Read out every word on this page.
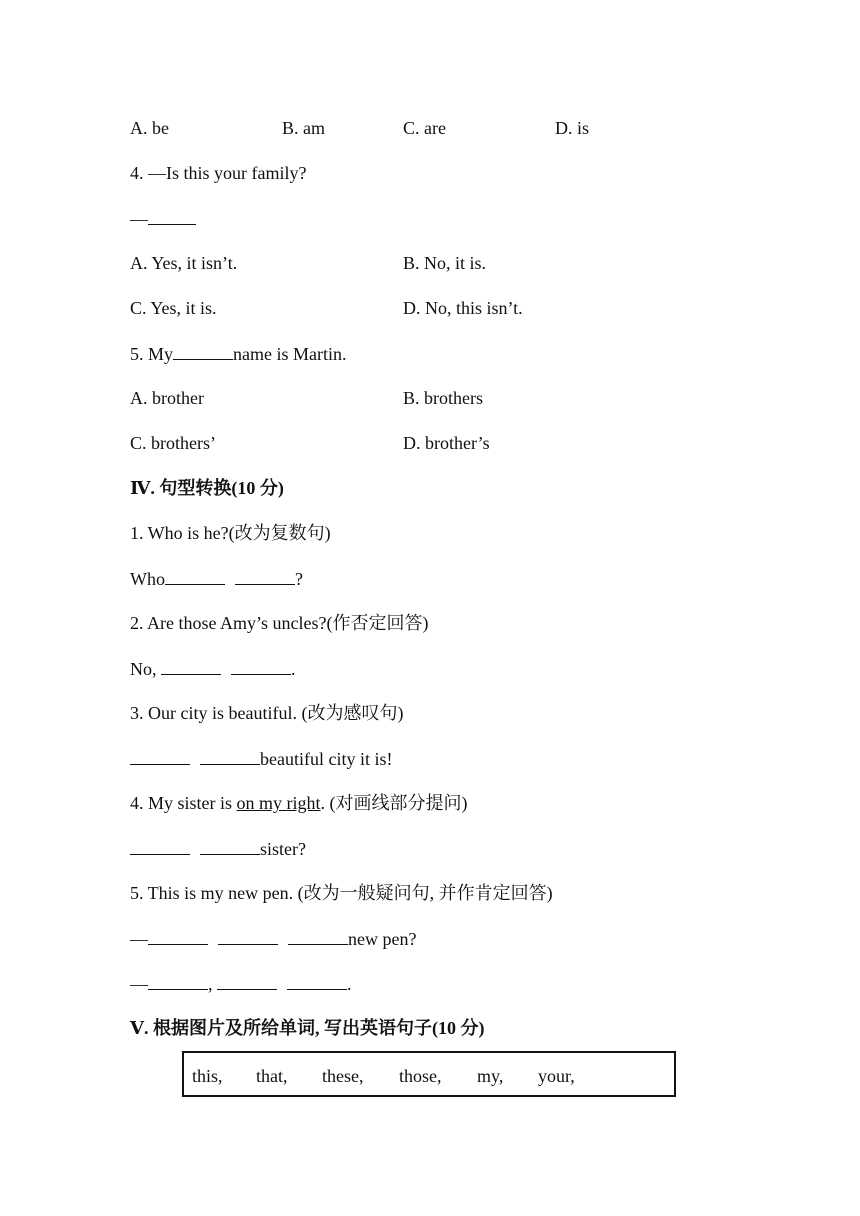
A. be	B. am	C. are	D. is
4. —Is this your family?
—
A. Yes, it isn’t.	B. No, it is.
C. Yes, it is.	D. No, this isn’t.
5. My	name is Martin.
A. brother	B. brothers
C. brothers’	D. brother’s
Ⅳ. 句型转换(10 分)
1. Who is he?(改为复数句)
Who	?
2. Are those Amy’s uncles?(作否定回答)
No,	.
3. Our city is beautiful. (改为感叹句)
beautiful city it is!
4. My sister is on my right. (对画线部分提问)
sister?
5. This is my new pen. (改为一般疑问句, 并作肯定回答)
—	new pen?
—	,	.
Ⅴ. 根据图片及所给单词, 写出英语句子(10 分)
this, that, these, those, my, your,
